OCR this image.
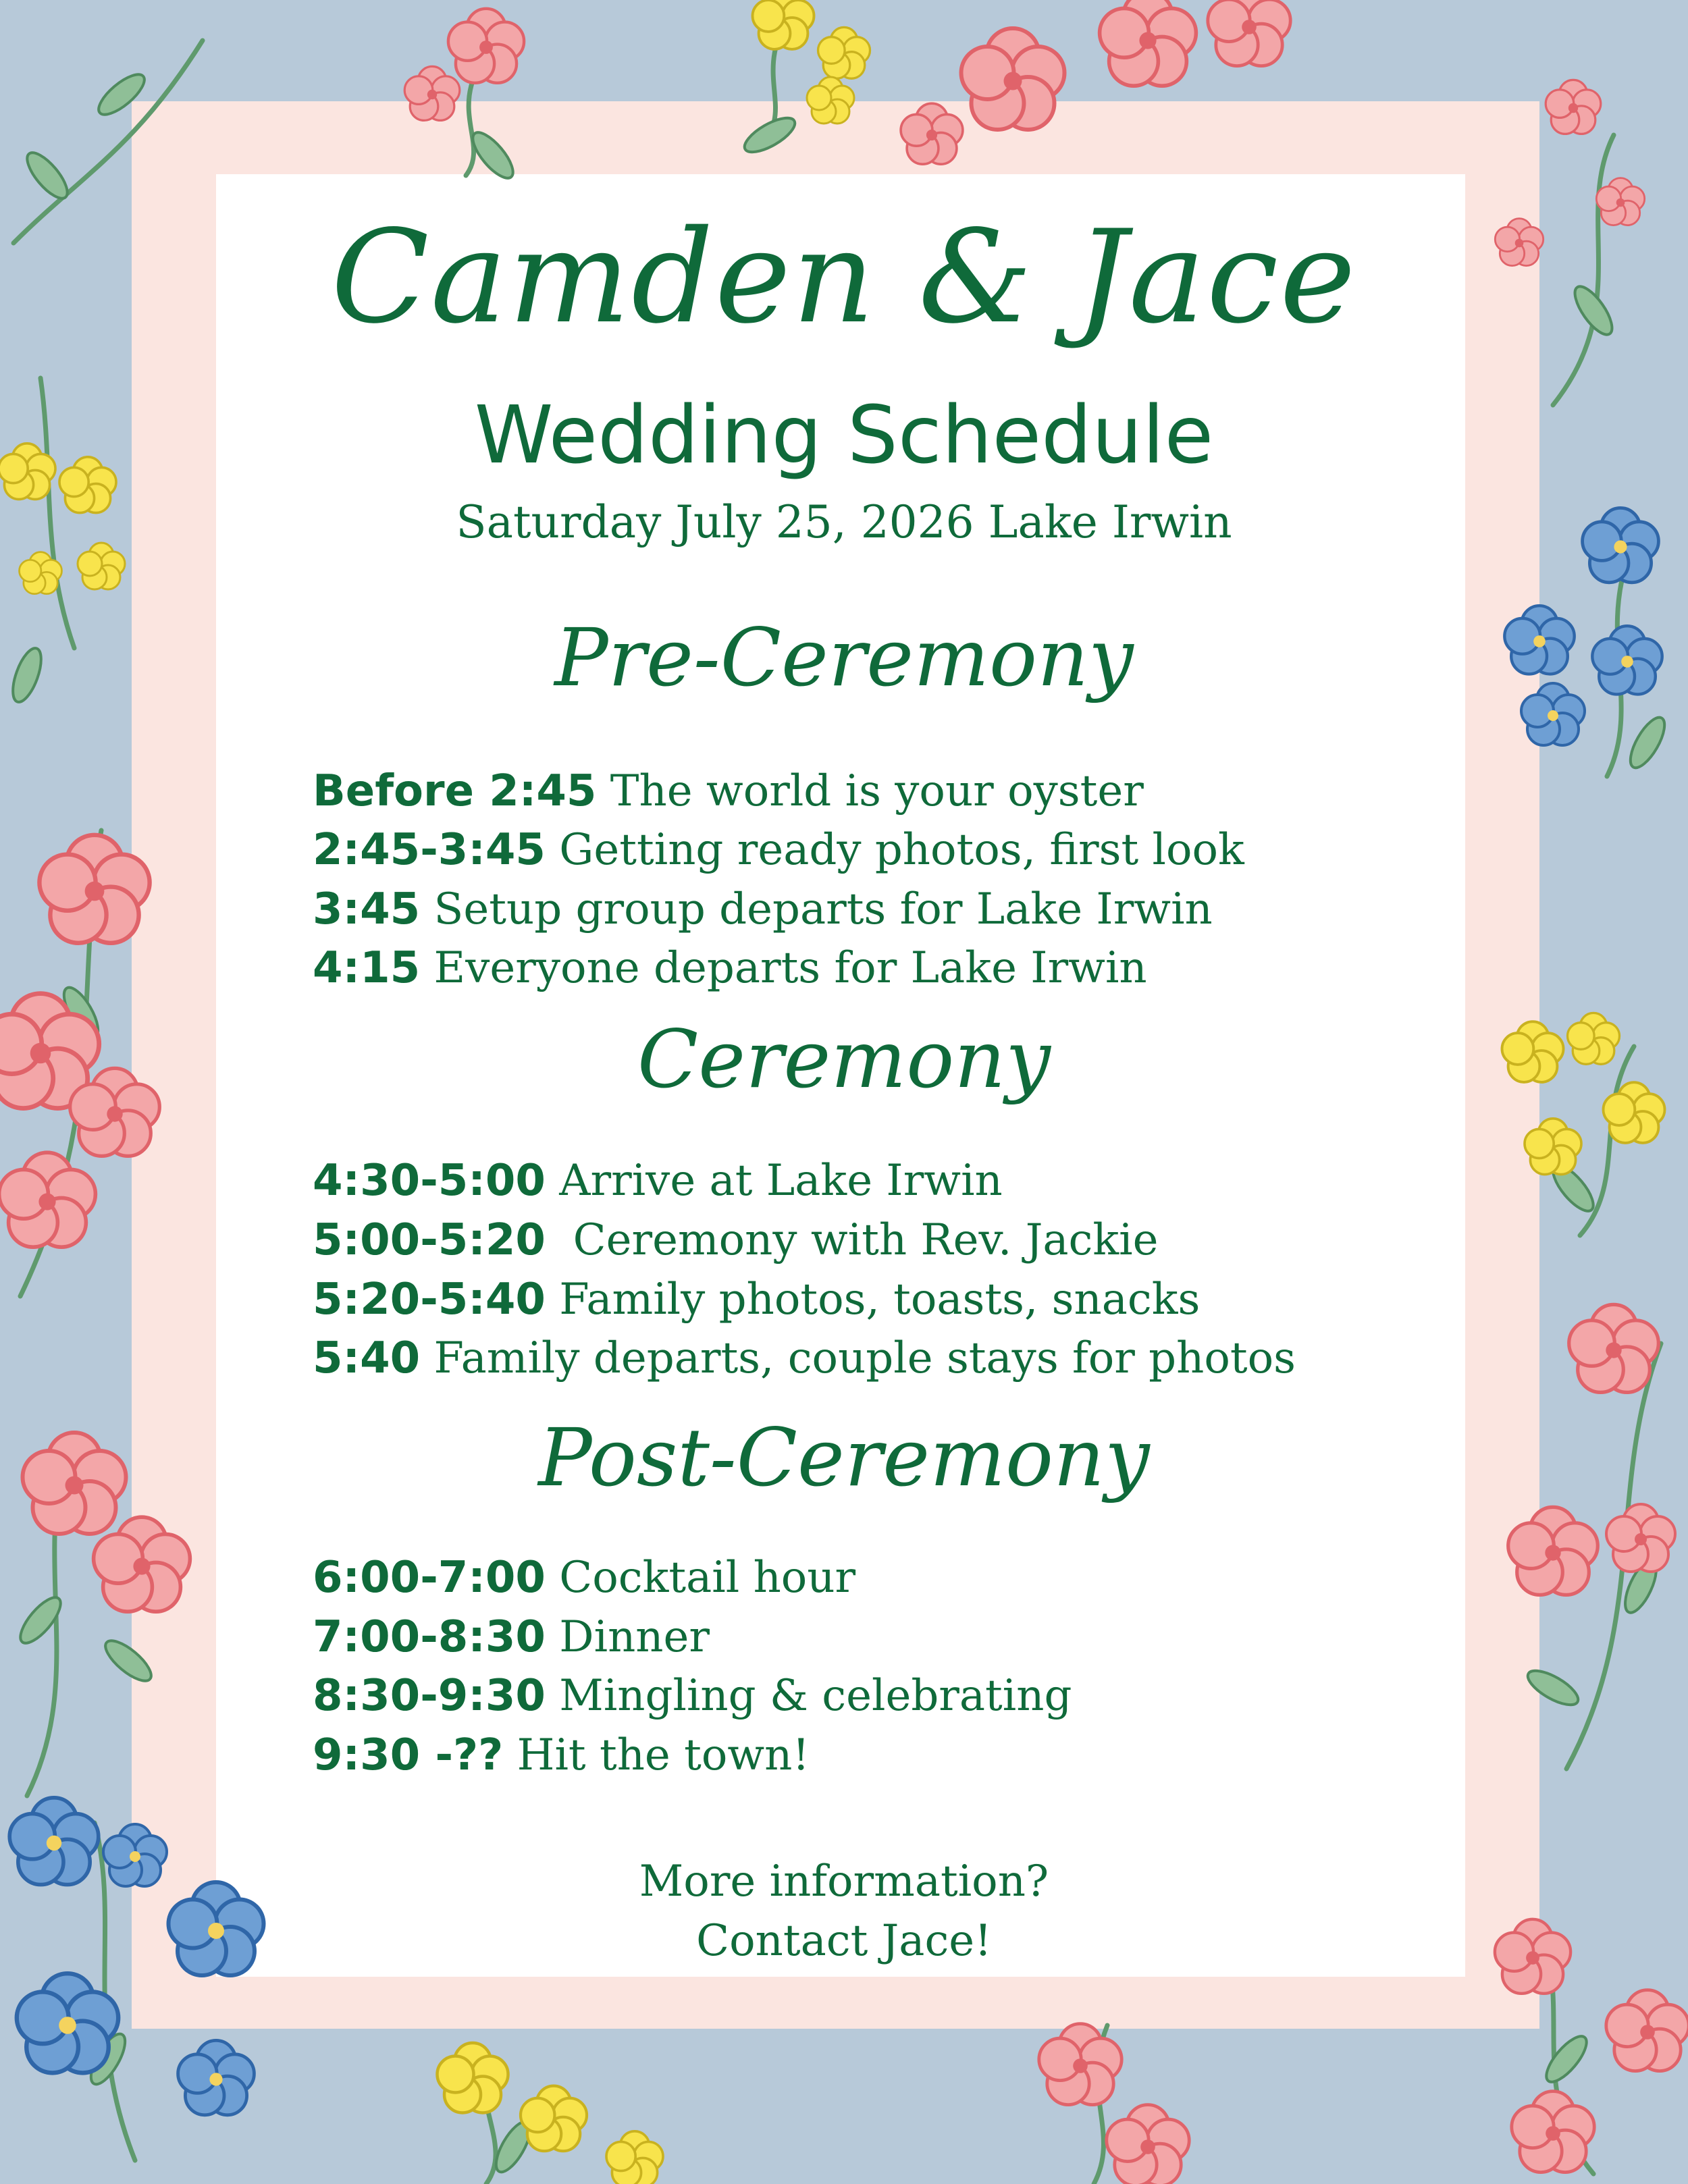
Camden & Jace
Wedding Schedule
Saturday July 25, 2026 Lake Irwin
Pre-Ceremony
Before 2:45 The world is your oyster
2:45-3:45 Getting ready photos, first look
3:45 Setup group departs for Lake Irwin
4:15 Everyone departs for Lake Irwin
Ceremony
4:30-5:00 Arrive at Lake Irwin
5:00-5:20  Ceremony with Rev. Jackie
5:20-5:40 Family photos, toasts, snacks
5:40 Family departs, couple stays for photos
Post-Ceremony
6:00-7:00 Cocktail hour
7:00-8:30 Dinner
8:30-9:30 Mingling & celebrating
9:30 -?? Hit the town!
More information?
Contact Jace!
